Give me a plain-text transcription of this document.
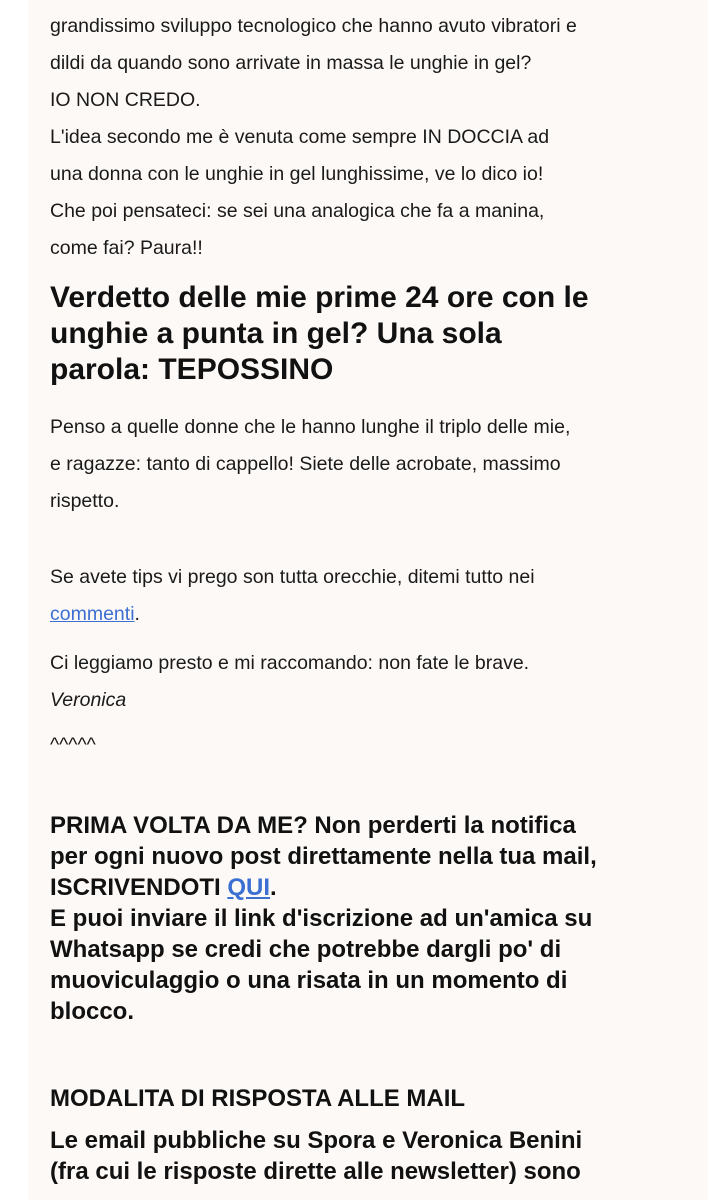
grandissimo sviluppo tecnologico che hanno avuto vibratori e
dildi da quando sono arrivate in massa le unghie in gel?
IO NON CREDO.
L'idea secondo me è venuta come sempre IN DOCCIA ad
una donna con le unghie in gel lunghissime, ve lo dico io!
Che poi pensateci: se sei una analogica che fa a manina,
come fai? Paura!!

Verdetto delle mie prime 24 ore con le
unghie a punta in gel? Una sola
parola: TEPOSSINO

Penso a quelle donne che le hanno lunghe il triplo delle mie,
e ragazze: tanto di cappello! Siete delle acrobate, massimo
rispetto.

Se avete tips vi prego son tutta orecchie, ditemi tutto nei
commenti.

Ci leggiamo presto e mi raccomando: non fate le brave.
Veronica

^^^^^

PRIMA VOLTA DA ME? Non perderti la notifica
per ogni nuovo post direttamente nella tua mail,
ISCRIVENDOTI QUI.
E puoi inviare il link d'iscrizione ad un'amica su
Whatsapp se credi che potrebbe dargli po' di
muoviculaggio o una risata in un momento di
blocco.

MODALITA DI RISPOSTA ALLE MAIL

Le email pubbliche su Spora e Veronica Benini
(fra cui le risposte dirette alle newsletter) sono
